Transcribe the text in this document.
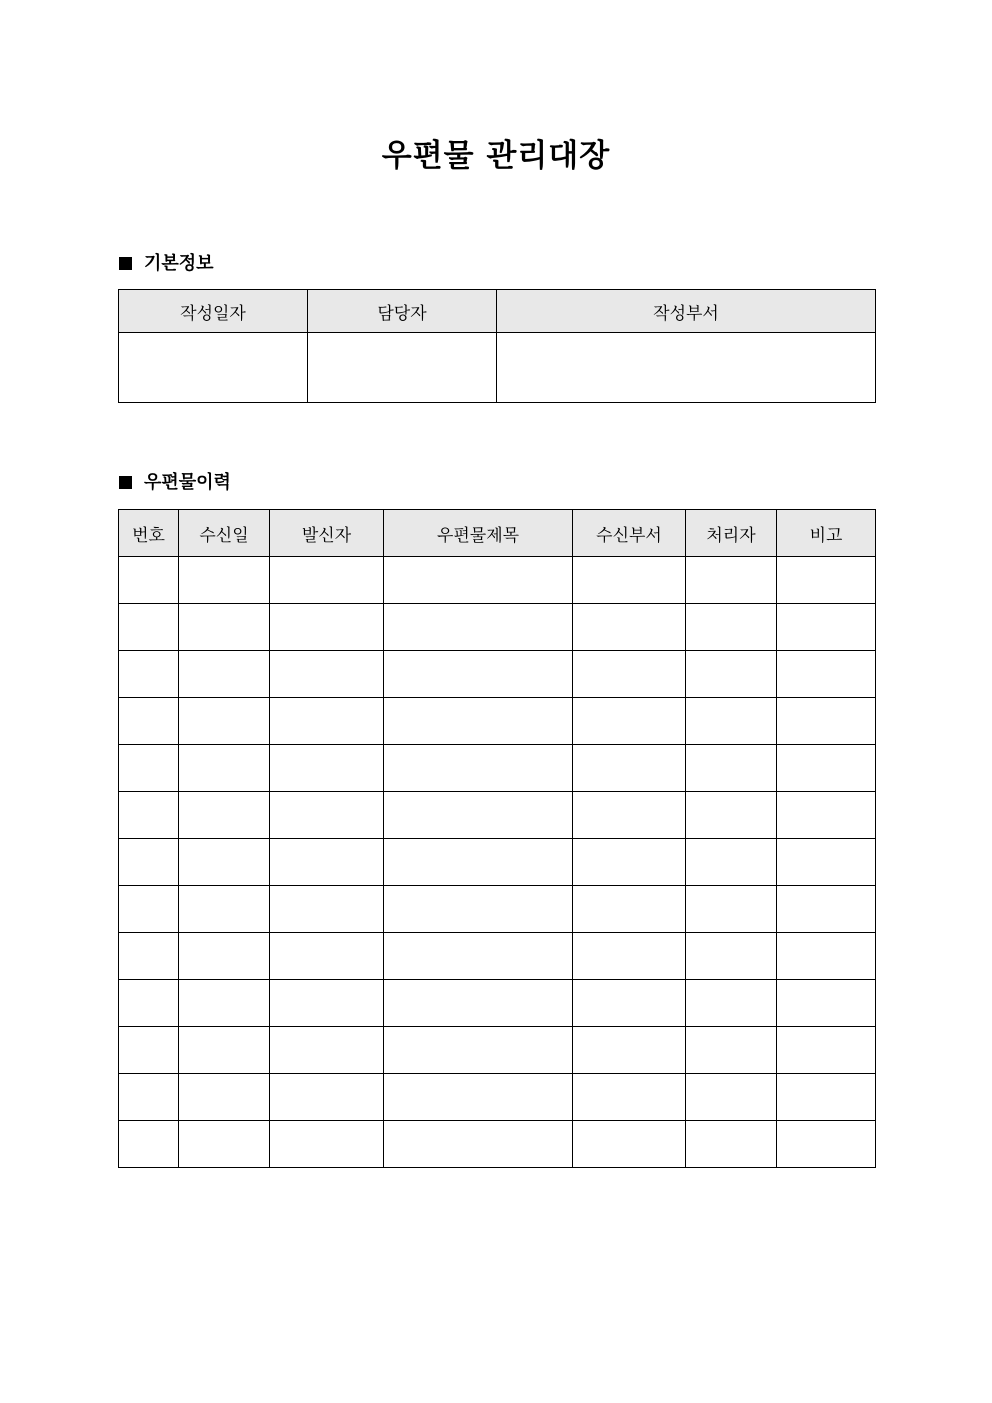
우편물 관리대장
기본정보
작성일자	담당자	작성부서

우편물이력
번호	수신일	발신자	우편물제목	수신부서	처리자	비고
